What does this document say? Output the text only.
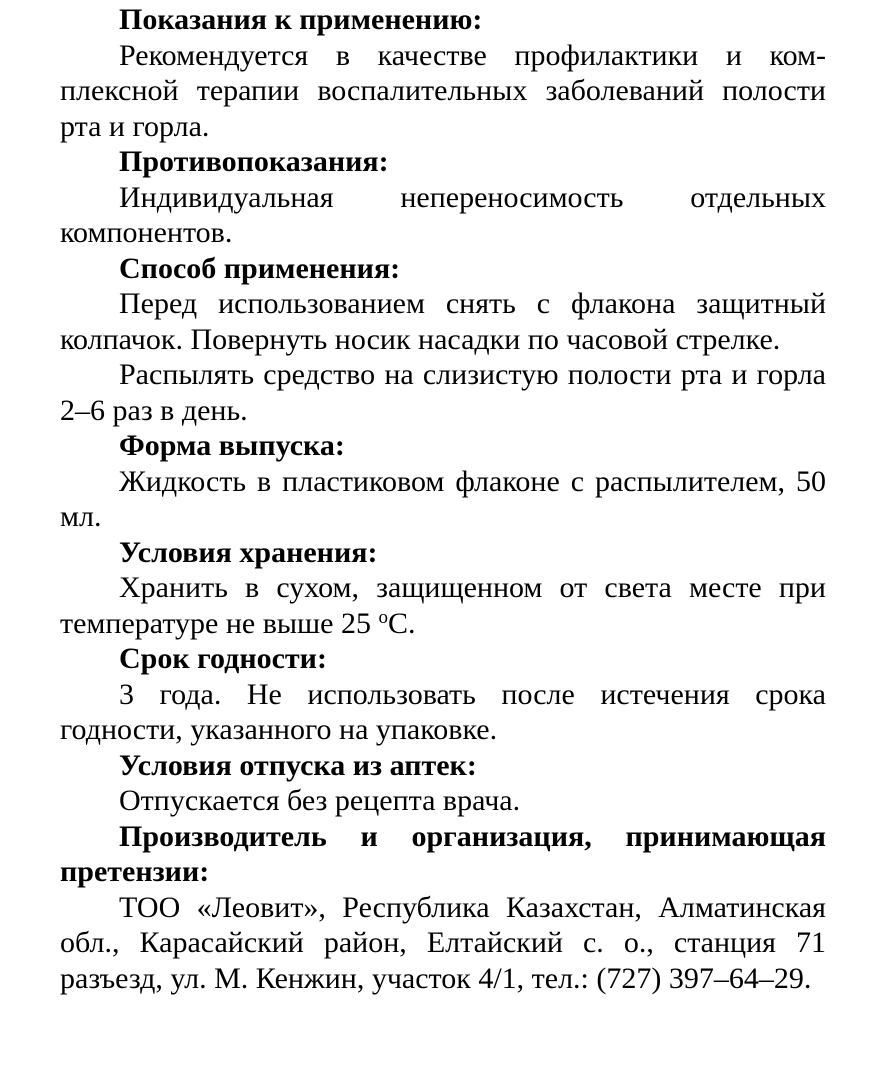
Показания к применению:

Рекомендуется в качестве профилактики и комплексной терапии воспалительных заболеваний полости рта и горла.

Противопоказания:

Индивидуальная непереносимость отдельных компонентов.

Способ применения:

Перед использованием снять с флакона защитный колпачок. Повернуть носик насадки по часовой стрелке.

Распылять средство на слизистую полости рта и горла 2–6 раз в день.

Форма выпуска:

Жидкость в пластиковом флаконе с распылителем, 50 мл.

Условия хранения:

Хранить в сухом, защищенном от света месте при температуре не выше 25 $^о$С.

Срок годности:

3 года. Не использовать после истечения срока годности, указанного на упаковке.

Условия отпуска из аптек:

Отпускается без рецепта врача.

Производитель и организация, принимающая претензии:

ТОО «Леовит», Республика Казахстан, Алматинская обл., Карасайский район, Елтайский с. о., станция 71 разъезд, ул. М. Кенжин, участок 4/1, тел.: (727) 397–64–29.
